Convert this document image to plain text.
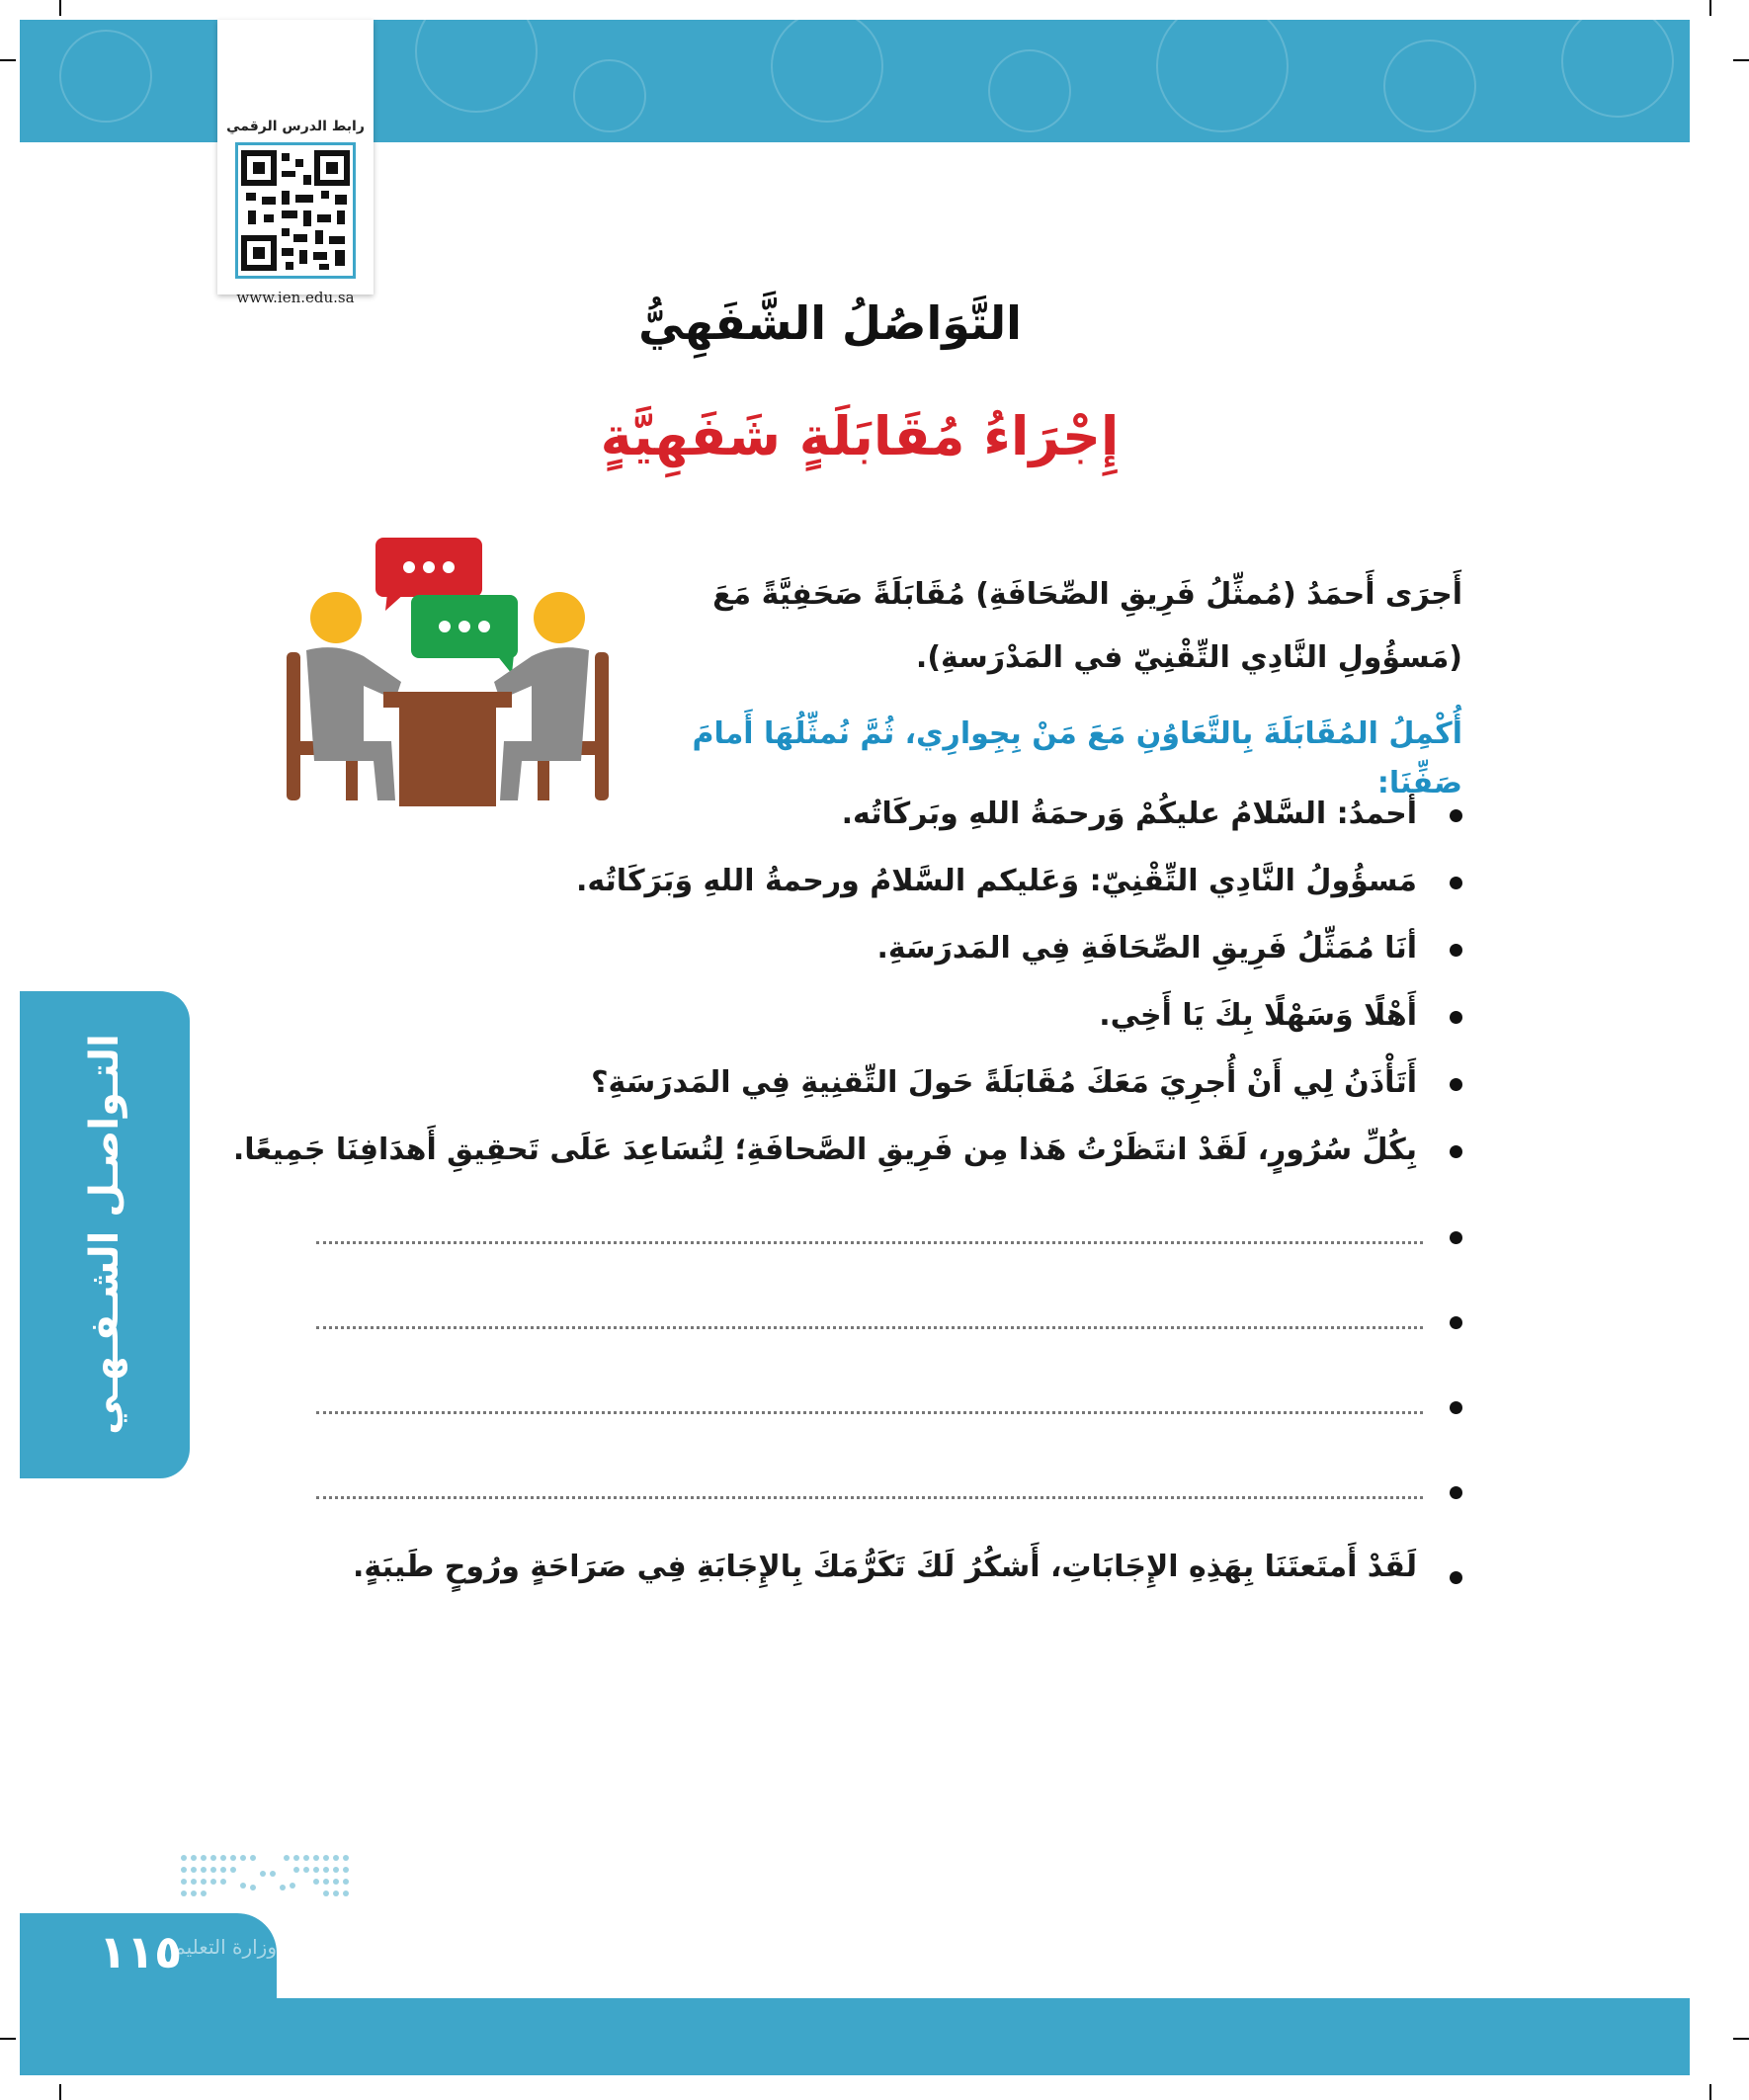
رابط الدرس الرقمي
www.ien.edu.sa	التَّوَاصُلُ الشَّفَهِيُّ
إِجْرَاءُ مُقَابَلَةٍ شَفَهِيَّةٍ
أَجرَى أَحمَدُ (مُمثِّلُ فَرِيقِ الصِّحَافَةِ) مُقَابَلَةً صَحَفِيَّةً مَعَ (مَسؤُولِ النَّادِي التِّقْنِيّ في المَدْرَسةِ).
أُكْمِلُ المُقَابَلَةَ بِالتَّعَاوُنِ مَعَ مَنْ بِجِوارِي، ثُمَّ نُمثِّلُهَا أَمامَ صَفِّنَا:
أحمدُ: السَّلامُ عليكُمْ وَرحمَةُ اللهِ وبَركَاتُه.
مَسؤُولُ النَّادِي التِّقْنِيّ: وَعَليكم السَّلامُ ورحمةُ اللهِ وَبَرَكَاتُه.
أنَا مُمَثِّلُ فَرِيقِ الصِّحَافَةِ فِي المَدرَسَةِ.
أَهْلًا وَسَهْلًا بِكَ يَا أَخِي.
أَتَأْذَنُ لِي أَنْ أُجرِيَ مَعَكَ مُقَابَلَةً حَولَ التِّقنِيةِ فِي المَدرَسَةِ؟
بِكُلِّ سُرُورٍ، لَقَدْ انتَظَرْتُ هَذا مِن فَرِيقِ الصَّحافَةِ؛ لِتُسَاعِدَ عَلَى تَحقِيقِ أَهدَافِنَا جَمِيعًا.
لَقَدْ أَمتَعتَنَا بِهَذِهِ الإِجَابَاتِ، أَشكُرُ لَكَ تَكَرُّمَكَ بِالإِجَابَةِ فِي صَرَاحَةٍ ورُوحٍ طَيبَةٍ.
التـواصـل الشـفـهـي
وزارة التعليم
١١٥
